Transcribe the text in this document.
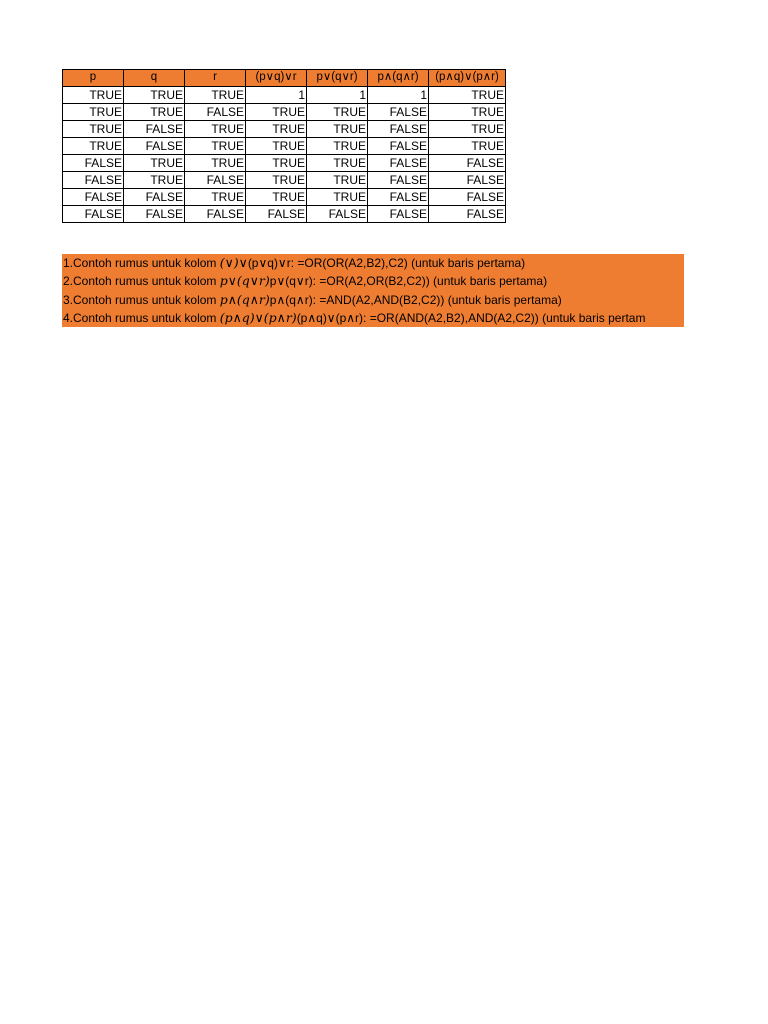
p	q	r	(p∨q)∨r	p∨(q∨r)	p∧(q∧r)	(p∧q)∨(p∧r)
TRUE	TRUE	TRUE	1	1	1	TRUE
TRUE	TRUE	FALSE	TRUE	TRUE	FALSE	TRUE
TRUE	FALSE	TRUE	TRUE	TRUE	FALSE	TRUE
TRUE	FALSE	TRUE	TRUE	TRUE	FALSE	TRUE
FALSE	TRUE	TRUE	TRUE	TRUE	FALSE	FALSE
FALSE	TRUE	FALSE	TRUE	TRUE	FALSE	FALSE
FALSE	FALSE	TRUE	TRUE	TRUE	FALSE	FALSE
FALSE	FALSE	FALSE	FALSE	FALSE	FALSE	FALSE
1.Contoh rumus untuk kolom (∨)∨(p∨q)∨r: =OR(OR(A2,B2),C2) (untuk baris pertama)
2.Contoh rumus untuk kolom p∨(q∨r)p∨(q∨r): =OR(A2,OR(B2,C2)) (untuk baris pertama)
3.Contoh rumus untuk kolom p∧(q∧r)p∧(q∧r): =AND(A2,AND(B2,C2)) (untuk baris pertama)
4.Contoh rumus untuk kolom (p∧q)∨(p∧r)(p∧q)∨(p∧r): =OR(AND(A2,B2),AND(A2,C2)) (untuk baris pertam
